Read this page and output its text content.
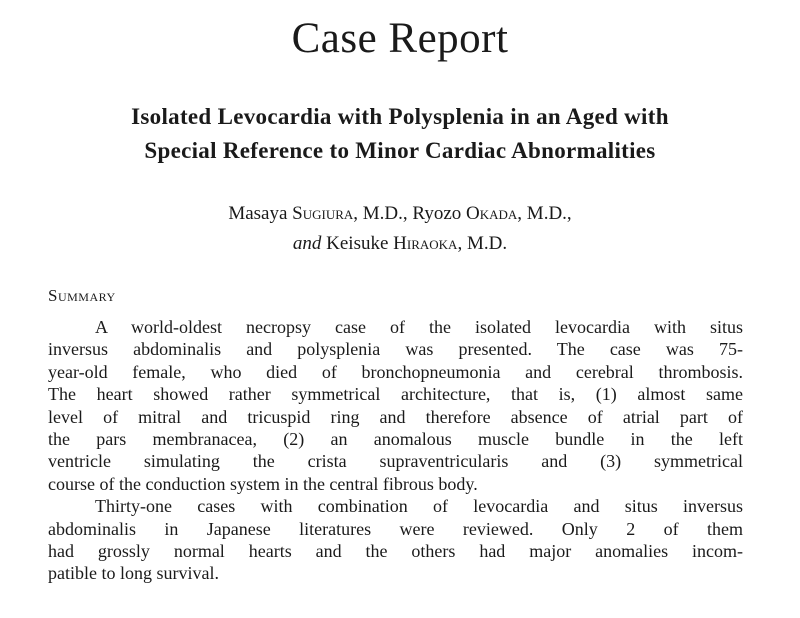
Case Report
Isolated Levocardia with Polysplenia in an Aged with
Special Reference to Minor Cardiac Abnormalities
Masaya Sugiura, M.D., Ryozo Okada, M.D.,
and Keisuke Hiraoka, M.D.
Summary
A world-oldest necropsy case of the isolated levocardia with situs
inversus abdominalis and polysplenia was presented. The case was 75-
year-old female, who died of bronchopneumonia and cerebral thrombosis.
The heart showed rather symmetrical architecture, that is, (1) almost same
level of mitral and tricuspid ring and therefore absence of atrial part of
the pars membranacea, (2) an anomalous muscle bundle in the left
ventricle simulating the crista supraventricularis and (3) symmetrical
course of the conduction system in the central fibrous body.
Thirty-one cases with combination of levocardia and situs inversus
abdominalis in Japanese literatures were reviewed. Only 2 of them
had grossly normal hearts and the others had major anomalies incom-
patible to long survival.
